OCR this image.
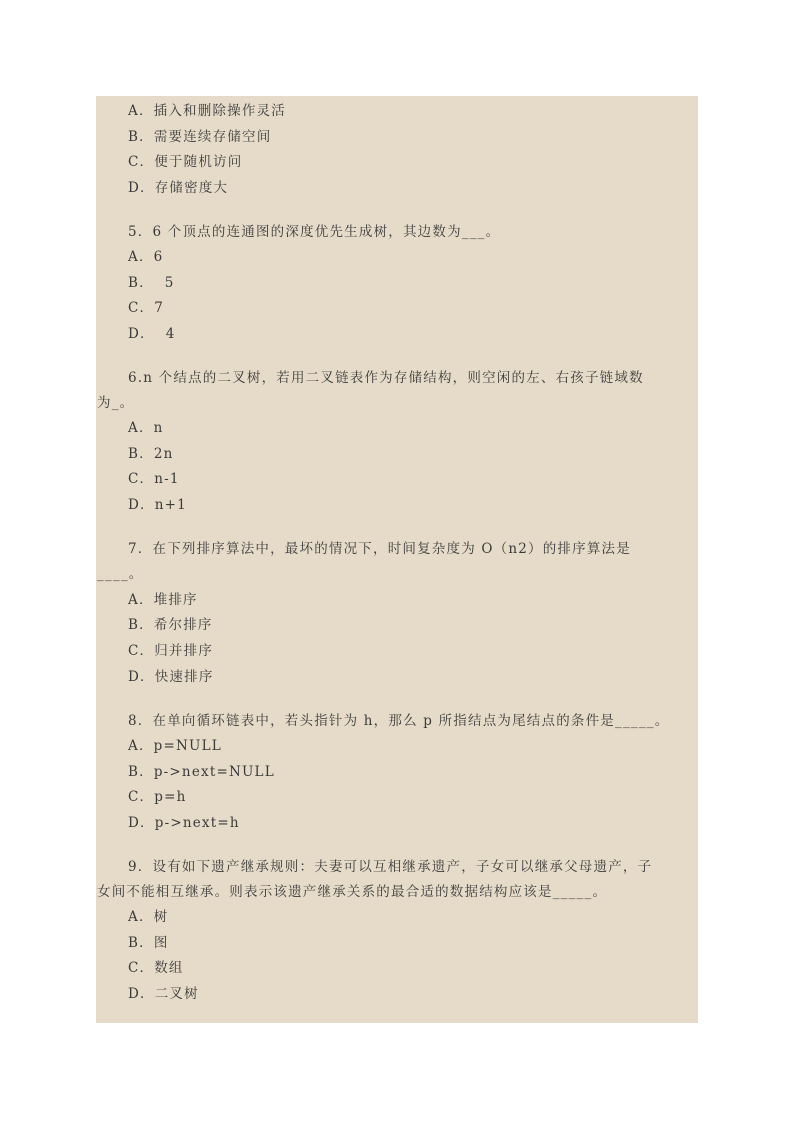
A．插入和删除操作灵活
B．需要连续存储空间
C．便于随机访问
D．存储密度大
5．6 个顶点的连通图的深度优先生成树，其边数为___。
A．6
B．  5
C．7
D．  4
6.n 个结点的二叉树，若用二叉链表作为存储结构，则空闲的左、右孩子链域数
为_。
A．n
B．2n
C．n-1
D．n+1
7．在下列排序算法中，最坏的情况下，时间复杂度为 O（n2）的排序算法是
____。
A．堆排序
B．希尔排序
C．归并排序
D．快速排序
8．在单向循环链表中，若头指针为 h，那么 p 所指结点为尾结点的条件是_____。
A．p=NULL
B．p->next=NULL
C．p=h
D．p->next=h
9．设有如下遗产继承规则：夫妻可以互相继承遗产，子女可以继承父母遗产，子
女间不能相互继承。则表示该遗产继承关系的最合适的数据结构应该是_____。
A．树
B．图
C．数组
D．二叉树
